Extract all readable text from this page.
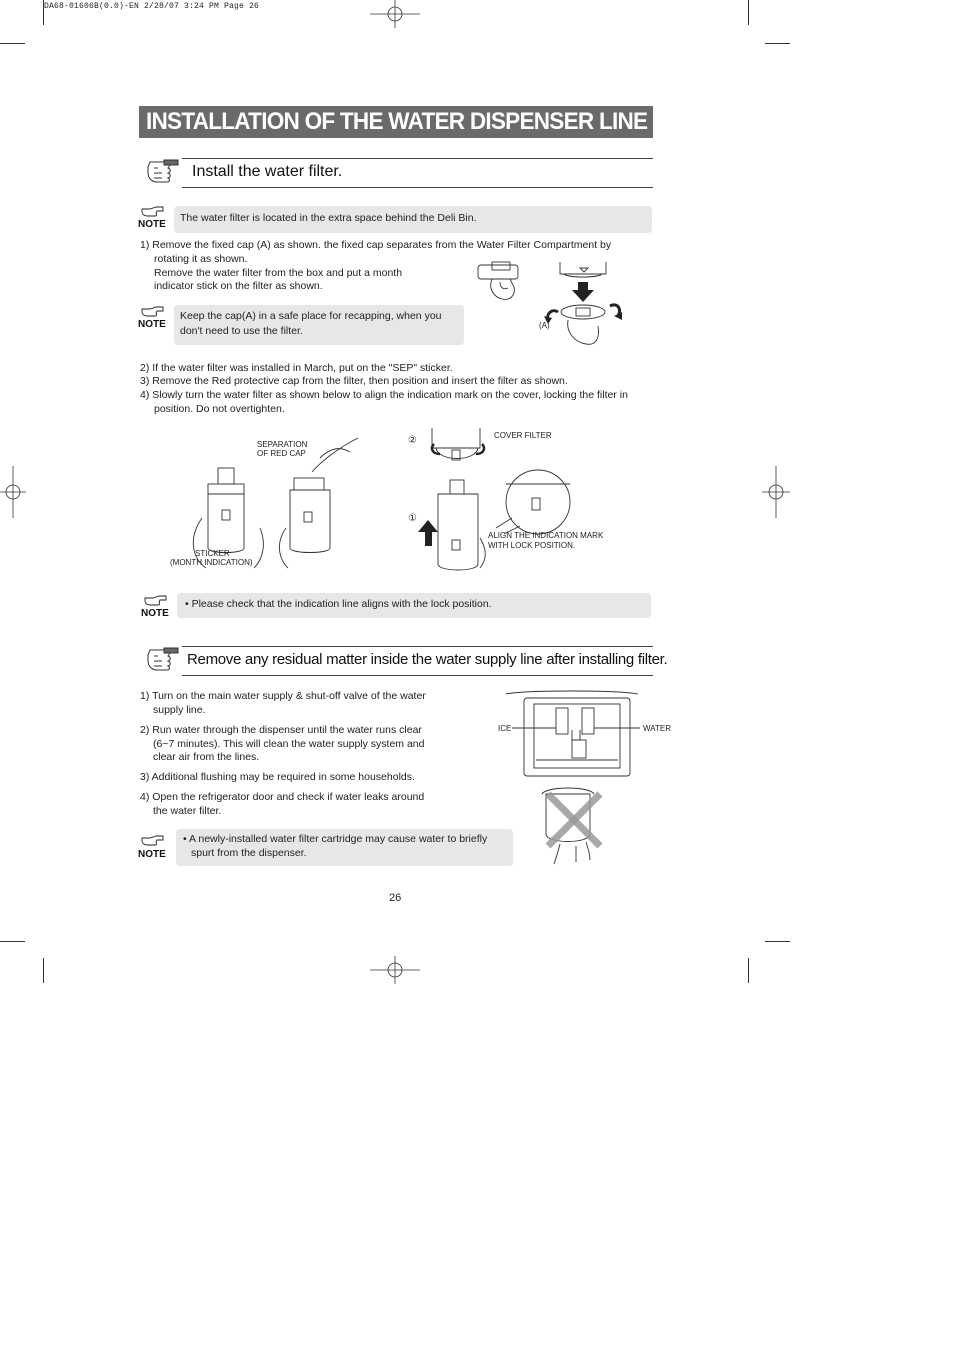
DA68-01606B(0.0)-EN 2/28/07 3:24 PM Page 26
INSTALLATION OF THE WATER DISPENSER LINE
Install the water filter.
NOTE
The water filter is located in the extra space behind the Deli Bin.
1) Remove the fixed cap (A) as shown. the fixed cap separates from the Water Filter Compartment by
rotating it as shown.
Remove the water filter from the box and put a month
indicator stick on the filter as shown.
(A)
NOTE
Keep the cap(A) in a safe place for recapping, when you
don't need to use the filter.
2) If the water filter was installed in March, put on the "SEP" sticker.
3) Remove the Red protective cap from the filter, then position and insert the filter as shown.
4) Slowly turn the water filter as shown below to align the indication mark on the cover, locking the filter in
position. Do not overtighten.
SEPARATION
OF RED CAP
STICKER
(MONTH INDICATION)
②
①
COVER FILTER
ALIGN THE INDICATION MARK
WITH LOCK POSITION.
NOTE
• Please check that the indication line aligns with the lock position.
Remove any residual matter inside the water supply line after installing filter.
1) Turn on the main water supply & shut-off valve of the water
supply line.
2) Run water through the dispenser until the water runs clear
(6~7 minutes). This will clean the water supply system and
clear air from the lines.
3) Additional flushing may be required in some households.
4) Open the refrigerator door and check if water leaks around
the water filter.
ICE	WATER
NOTE
• A newly-installed water filter cartridge may cause water to briefly
spurt from the dispenser.
26
